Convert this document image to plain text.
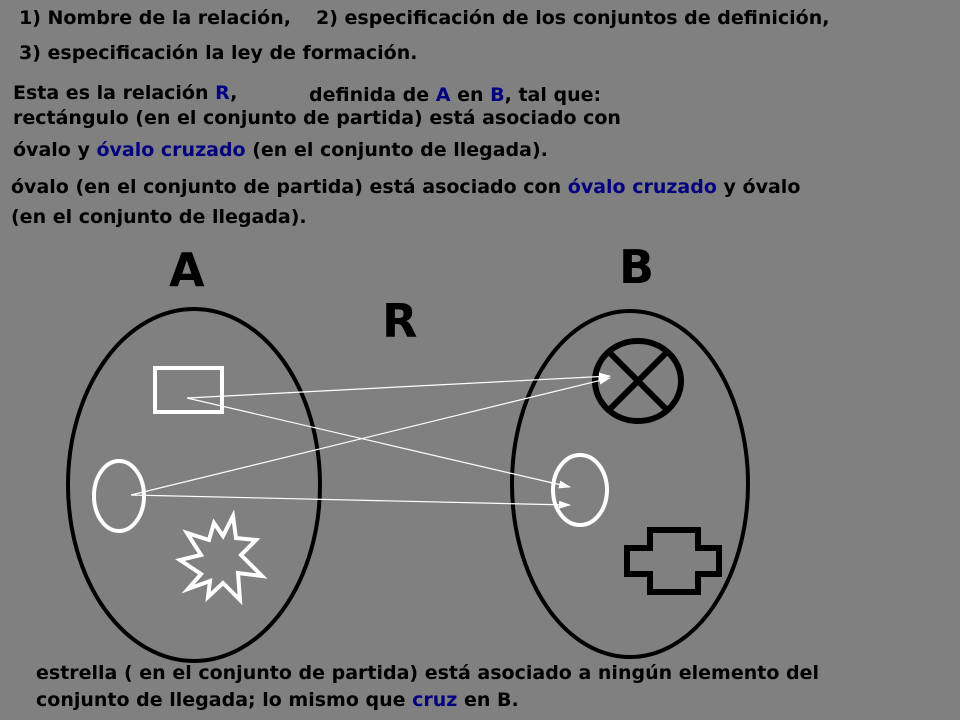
1) Nombre de la relación, 2) especificación de los conjuntos de definición,

3) especificación la ley de formación.

Esta es la relación R,	definida de A en B, tal que:

rectángulo (en el conjunto de partida) está asociado con

óvalo y óvalo cruzado (en el conjunto de llegada).

óvalo (en el conjunto de partida) está asociado con óvalo cruzado y óvalo

(en el conjunto de llegada).

A	B

R

estrella ( en el conjunto de partida) está asociado a ningún elemento del

conjunto de llegada; lo mismo que cruz en B.
